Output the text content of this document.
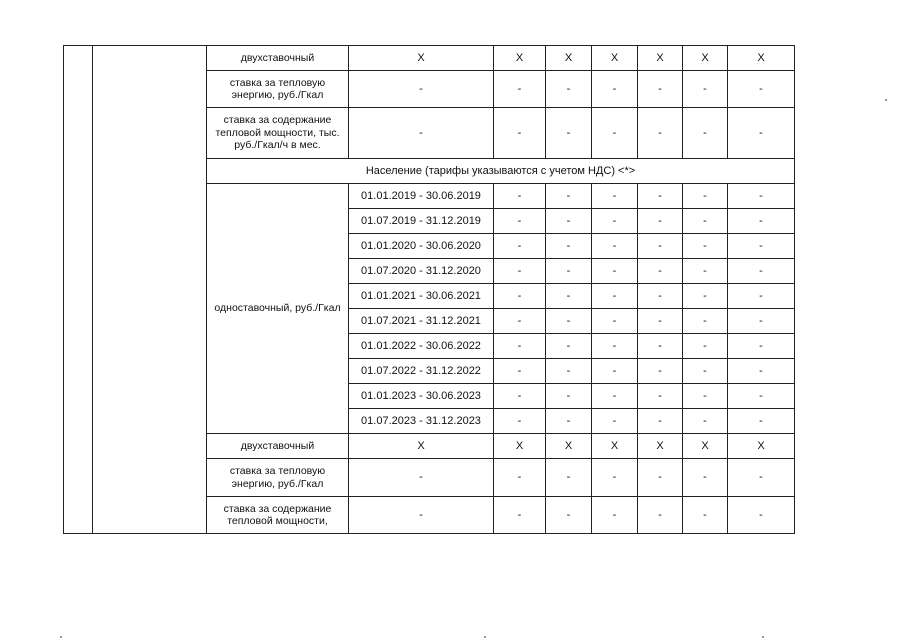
		двухставочный	X	X	X	X	X	X	X
		ставка за тепловую энергию, руб./Гкал	-	-	-	-	-	-	-
		ставка за содержание тепловой мощности, тыс. руб./Гкал/ч в мес.	-	-	-	-	-	-	-
		Население (тарифы указываются с учетом НДС) <*>							
		одноставочный, руб./Гкал	01.01.2019 - 30.06.2019	-	-	-	-	-	-
			01.07.2019 - 31.12.2019	-	-	-	-	-	-
			01.01.2020 - 30.06.2020	-	-	-	-	-	-
			01.07.2020 - 31.12.2020	-	-	-	-	-	-
			01.01.2021 - 30.06.2021	-	-	-	-	-	-
			01.07.2021 - 31.12.2021	-	-	-	-	-	-
			01.01.2022 - 30.06.2022	-	-	-	-	-	-
			01.07.2022 - 31.12.2022	-	-	-	-	-	-
			01.01.2023 - 30.06.2023	-	-	-	-	-	-
			01.07.2023 - 31.12.2023	-	-	-	-	-	-
		двухставочный	X	X	X	X	X	X	X
		ставка за тепловую энергию, руб./Гкал	-	-	-	-	-	-	-
		ставка за содержание тепловой мощности,	-	-	-	-	-	-	-
